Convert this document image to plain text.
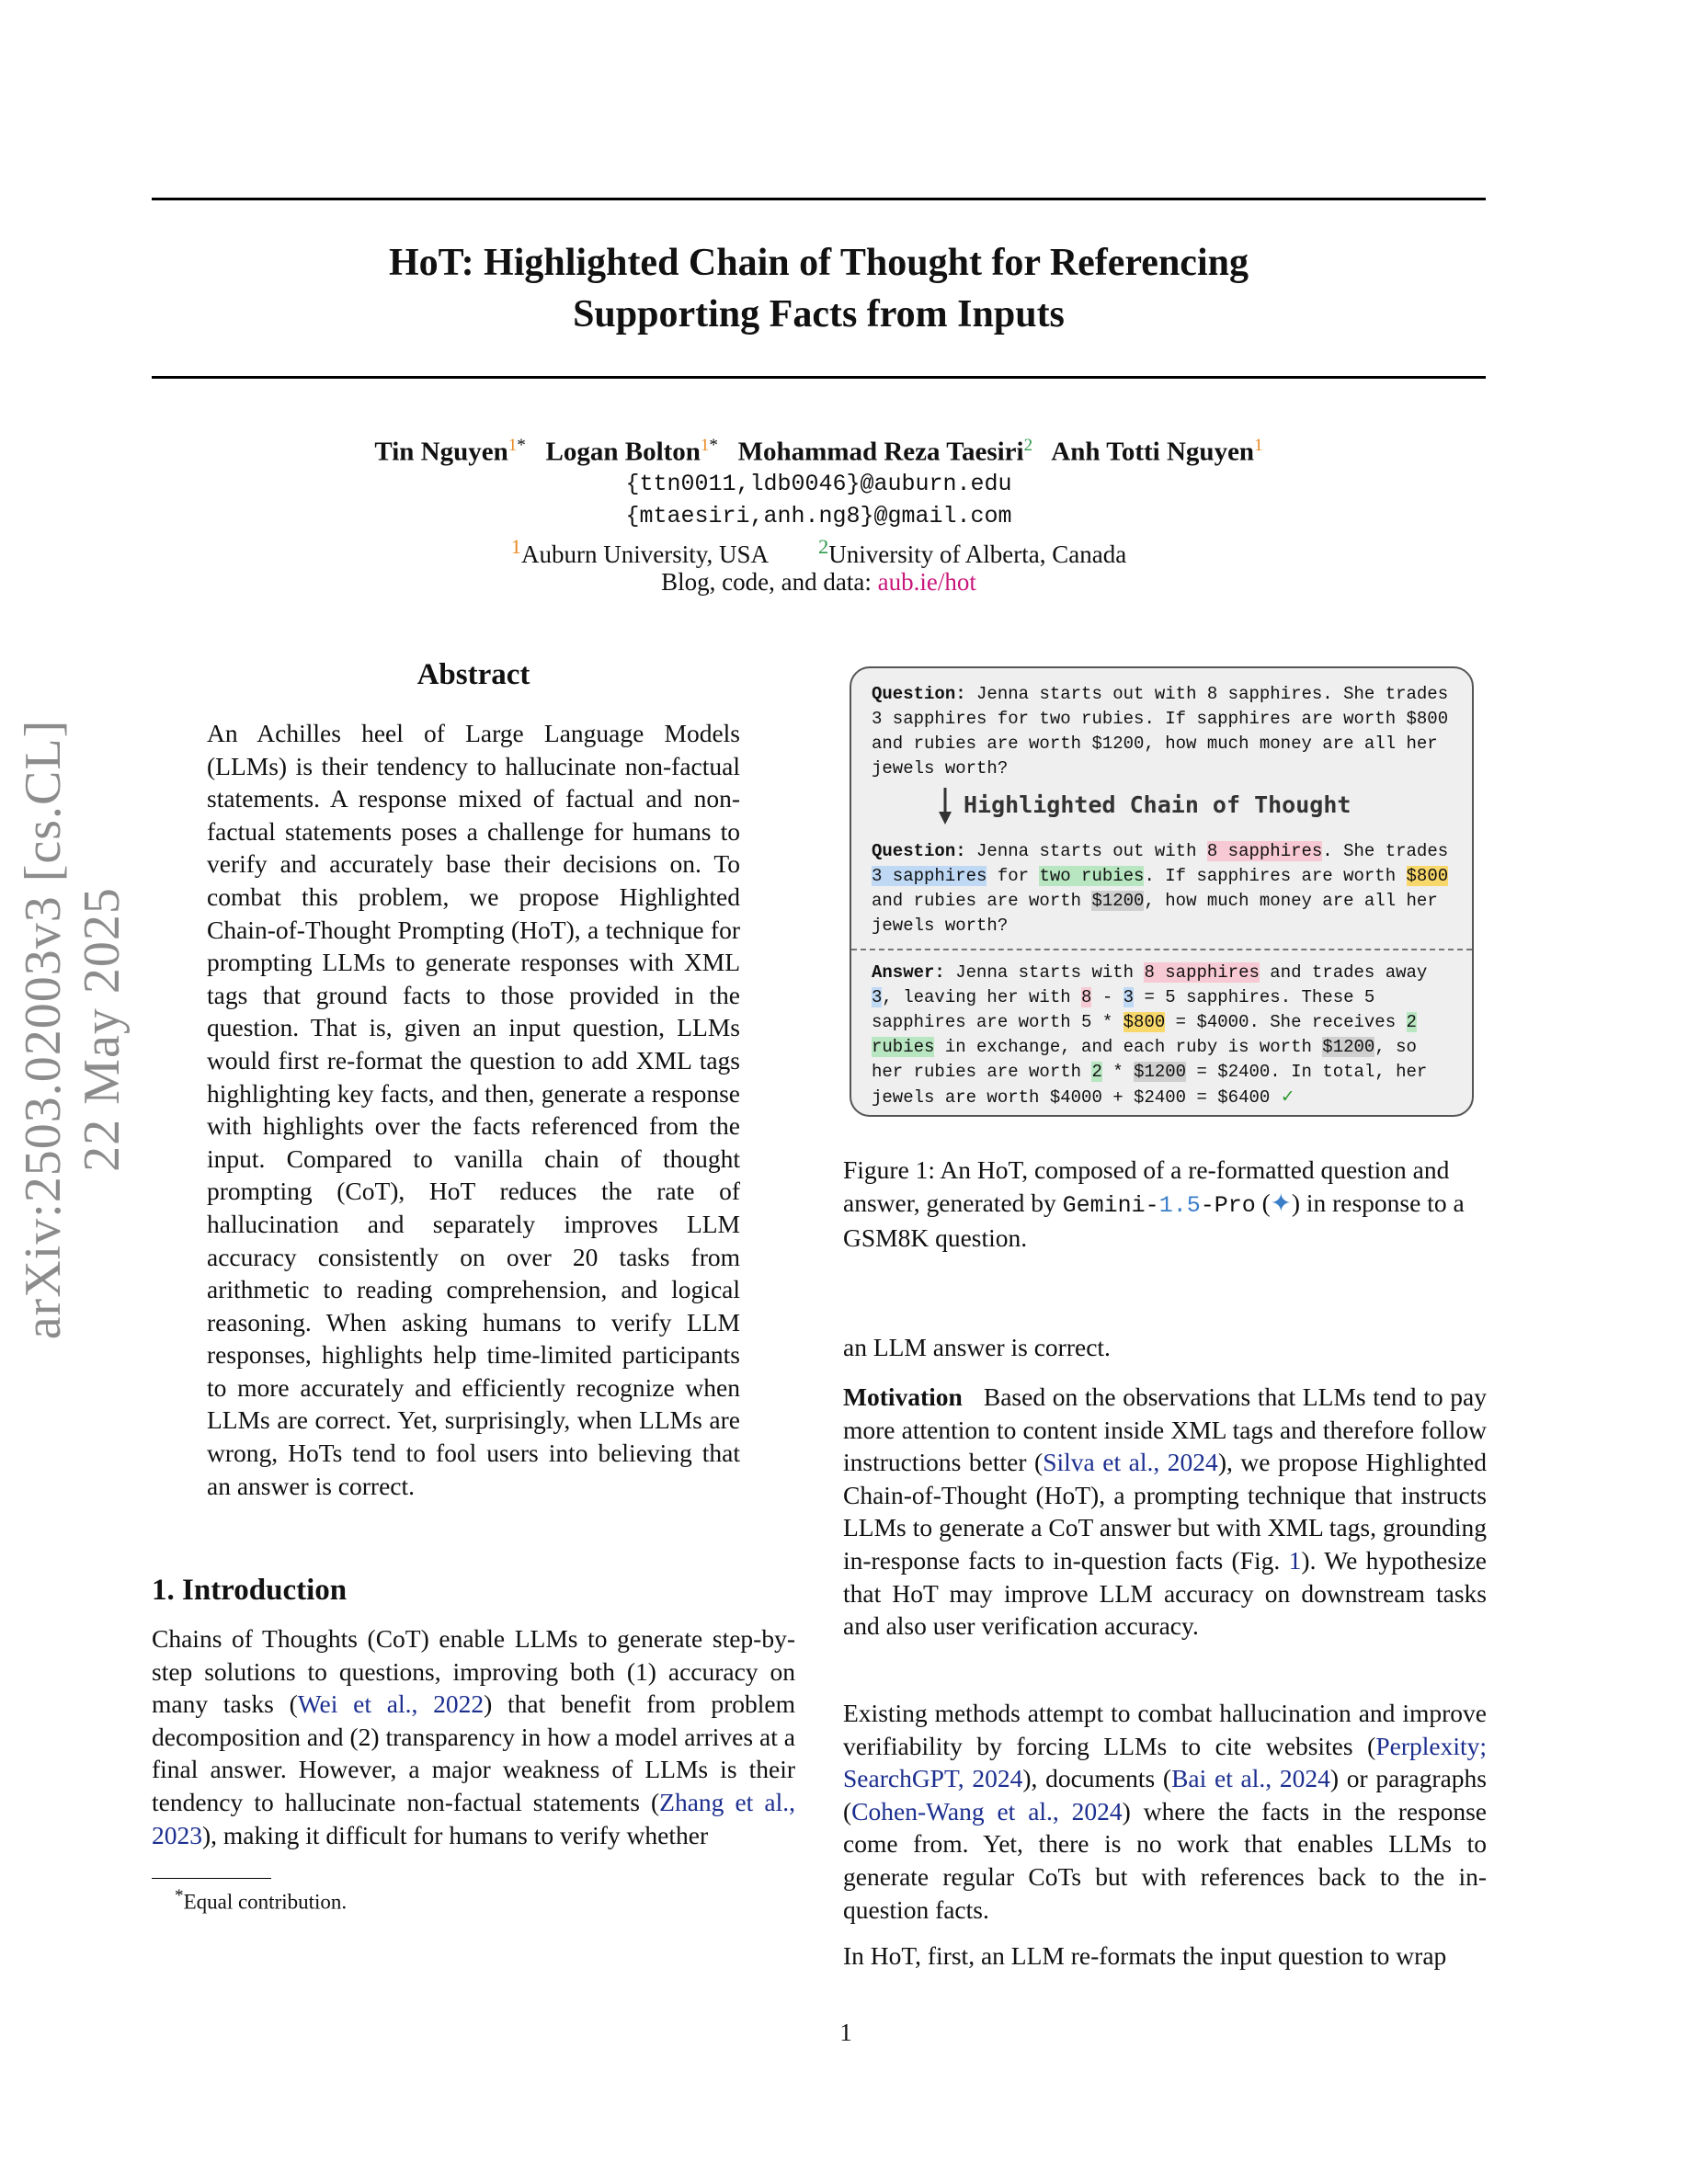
arXiv:2503.02003v3 [cs.CL] 22 May 2025
HoT: Highlighted Chain of Thought for Referencing
Supporting Facts from Inputs
Tin Nguyen$^{1*}$ Logan Bolton$^{1*}$ Mohammad Reza Taesiri$^2$ Anh Totti Nguyen$^1$
{ttn0011,ldb0046}@auburn.edu
{mtaesiri,anh.ng8}@gmail.com
$^1$Auburn University, USA $^2$University of Alberta, Canada
Blog, code, and data: aub.ie/hot
Abstract
An Achilles heel of Large Language Models (LLMs) is their tendency to hallucinate non-factual statements. A response mixed of factual and non-factual statements poses a challenge for humans to verify and accurately base their decisions on. To combat this problem, we propose Highlighted Chain-of-Thought Prompting (HoT), a technique for prompting LLMs to generate responses with XML tags that ground facts to those provided in the question. That is, given an input question, LLMs would first re-format the question to add XML tags highlighting key facts, and then, generate a response with highlights over the facts referenced from the input. Compared to vanilla chain of thought prompting (CoT), HoT reduces the rate of hallucination and separately improves LLM accuracy consistently on over 20 tasks from arithmetic to reading comprehension, and logical reasoning. When asking humans to verify LLM responses, highlights help time-limited participants to more accurately and efficiently recognize when LLMs are correct. Yet, surprisingly, when LLMs are wrong, HoTs tend to fool users into believing that an answer is correct.
1. Introduction
Chains of Thoughts (CoT) enable LLMs to generate step-by-step solutions to questions, improving both (1) accuracy on many tasks (Wei et al., 2022) that benefit from problem decomposition and (2) transparency in how a model arrives at a final answer. However, a major weakness of LLMs is their tendency to hallucinate non-factual statements (Zhang et al., 2023), making it difficult for humans to verify whether
*Equal contribution.
Question: Jenna starts out with 8 sapphires. She trades 3 sapphires for two rubies. If sapphires are worth $800 and rubies are worth $1200, how much money are all her jewels worth?
Highlighted Chain of Thought
Question: Jenna starts out with 8 sapphires. She trades 3 sapphires for two rubies. If sapphires are worth $800 and rubies are worth $1200, how much money are all her jewels worth?
Answer: Jenna starts with 8 sapphires and trades away 3, leaving her with 8 - 3 = 5 sapphires. These 5 sapphires are worth 5 * $800 = $4000. She receives 2 rubies in exchange, and each ruby is worth $1200, so her rubies are worth 2 * $1200 = $2400. In total, her jewels are worth $4000 + $2400 = $6400 ✓
Figure 1: An HoT, composed of a re-formatted question and answer, generated by Gemini-1.5-Pro (✦) in response to a GSM8K question.
an LLM answer is correct.
Motivation Based on the observations that LLMs tend to pay more attention to content inside XML tags and therefore follow instructions better (Silva et al., 2024), we propose Highlighted Chain-of-Thought (HoT), a prompting technique that instructs LLMs to generate a CoT answer but with XML tags, grounding in-response facts to in-question facts (Fig. 1). We hypothesize that HoT may improve LLM accuracy on downstream tasks and also user verification accuracy.
Existing methods attempt to combat hallucination and improve verifiability by forcing LLMs to cite websites (Perplexity; SearchGPT, 2024), documents (Bai et al., 2024) or paragraphs (Cohen-Wang et al., 2024) where the facts in the response come from. Yet, there is no work that enables LLMs to generate regular CoTs but with references back to the in-question facts.
In HoT, first, an LLM re-formats the input question to wrap
1
